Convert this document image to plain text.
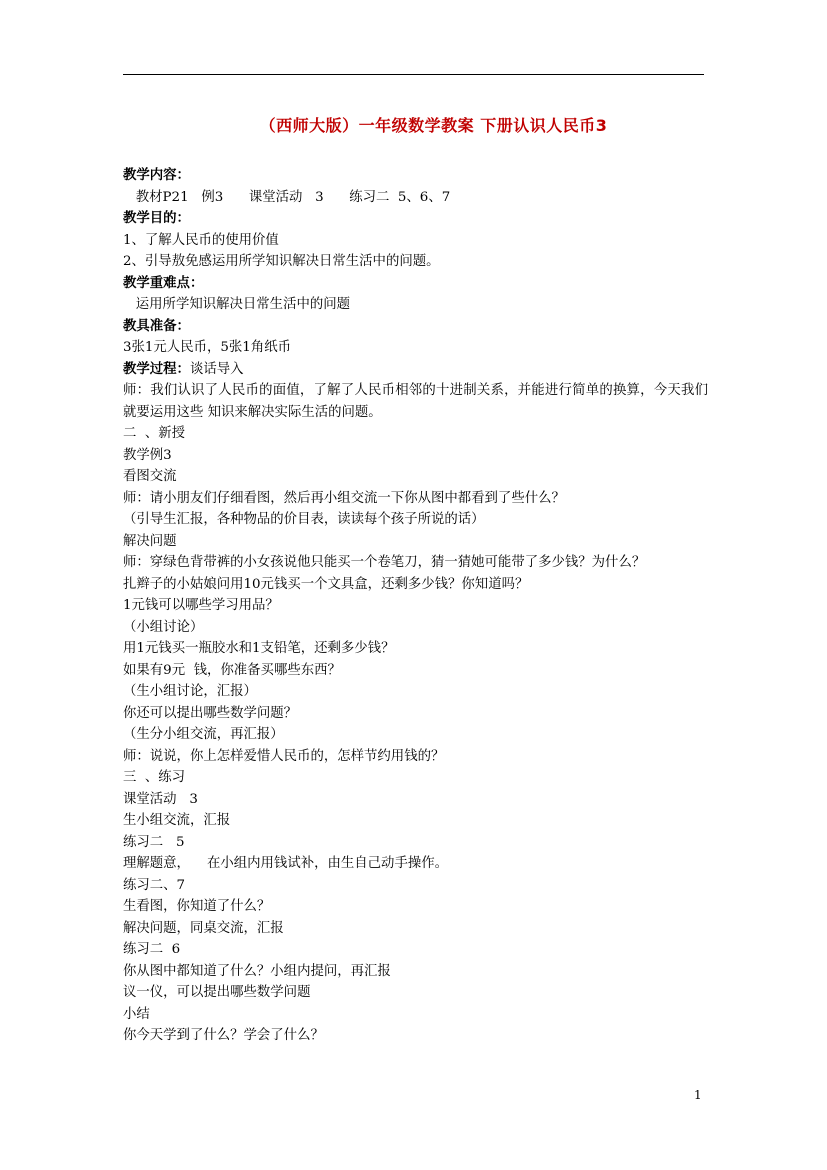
（西师大版）一年级数学教案 下册认识人民币3
教学内容：
教材P21   例3      课堂活动   3      练习二  5、6、7
教学目的：
1、了解人民币的使用价值
2、引导敖免感运用所学知识解决日常生活中的问题。
教学重难点：
运用所学知识解决日常生活中的问题
教具准备：
3张1元人民币，5张1角纸币
教学过程：谈话导入
师：我们认识了人民币的面值，了解了人民币相邻的十进制关系，并能进行简单的换算，今天我们就要运用这些 知识来解决实际生活的问题。
二  、新授
教学例3
看图交流
师：请小朋友们仔细看图，然后再小组交流一下你从图中都看到了些什么？
（引导生汇报，各种物品的价目表，读读每个孩子所说的话）
解决问题
师：穿绿色背带裤的小女孩说他只能买一个卷笔刀，猜一猜她可能带了多少钱？为什么？
扎辫子的小姑娘问用10元钱买一个文具盒，还剩多少钱？你知道吗？
1元钱可以哪些学习用品？
（小组讨论）
用1元钱买一瓶胶水和1支铅笔，还剩多少钱？
如果有9元  钱，你准备买哪些东西？
（生小组讨论，汇报）
你还可以提出哪些数学问题？
（生分小组交流，再汇报）
师：说说，你上怎样爱惜人民币的，怎样节约用钱的？
三  、练习
课堂活动   3
生小组交流，汇报
练习二   5
理解题意，    在小组内用钱试补，由生自己动手操作。
练习二、7
生看图，你知道了什么？
解决问题，同桌交流，汇报
练习二  6
你从图中都知道了什么？小组内提问，再汇报
议一仪，可以提出哪些数学问题
小结
你今天学到了什么？学会了什么？
1
